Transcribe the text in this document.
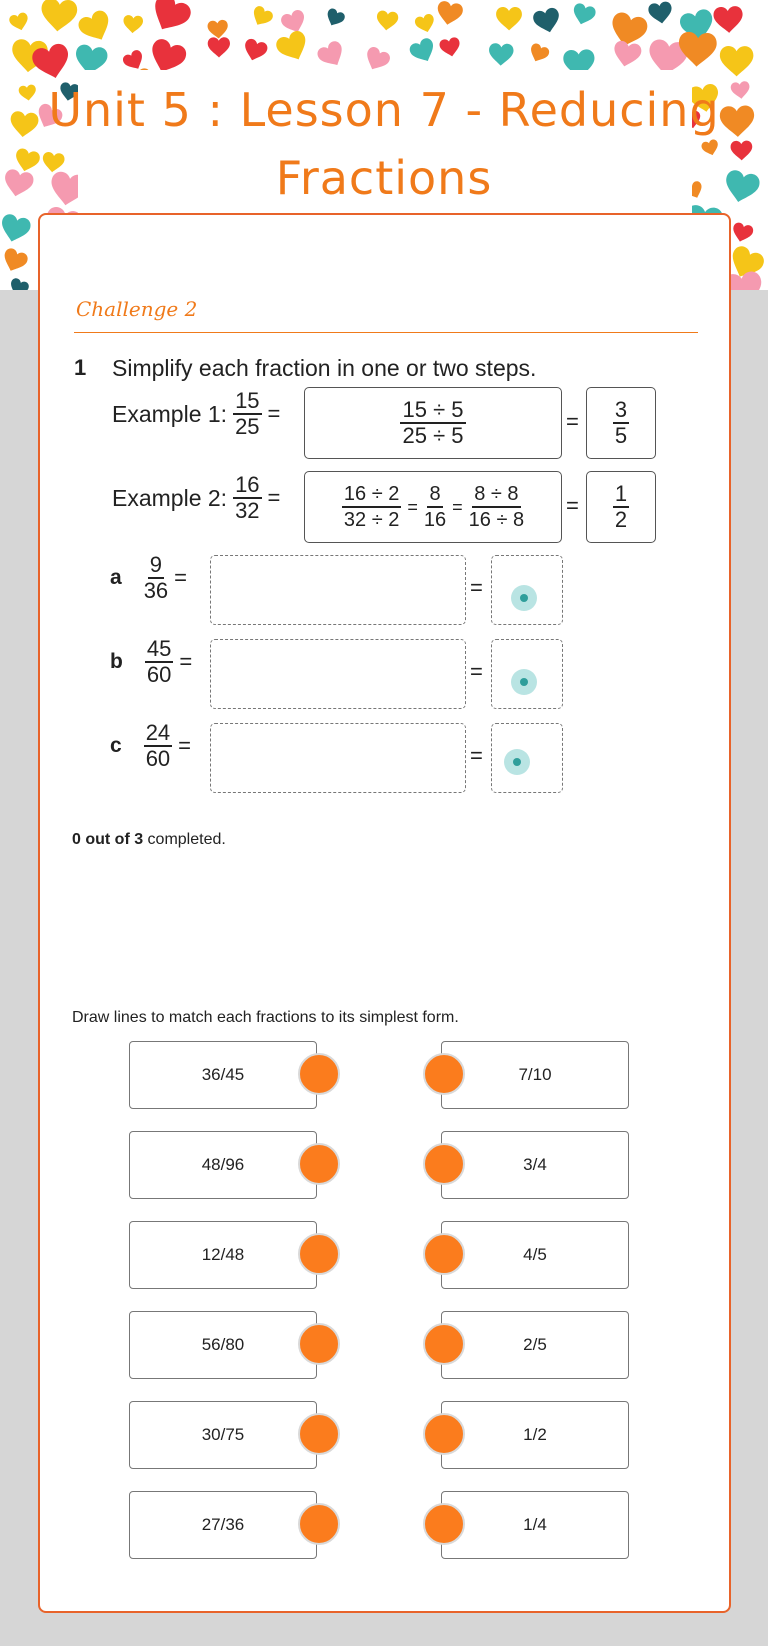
Unit 5 : Lesson 7 - Reducing Fractions
Challenge 2
1 Simplify each fraction in one or two steps.
Example 1: $\frac{15}{25}$ =	$\frac{15 \div 5}{25 \div 5}$	= $\frac{3}{5}$
Example 2: $\frac{16}{32}$ =	$\frac{16 \div 2}{32 \div 2} = \frac{8}{16} = \frac{8 \div 8}{16 \div 8} = \frac{1}{2}$
a $\frac{9}{36}$ =	=
b $\frac{45}{60}$ =	=
c $\frac{24}{60}$ =	=
0 out of 3 completed.
Draw lines to match each fractions to its simplest form.
36/45
48/96
12/48
56/80
30/75
27/36
7/10
3/4
4/5
2/5
1/2
1/4
